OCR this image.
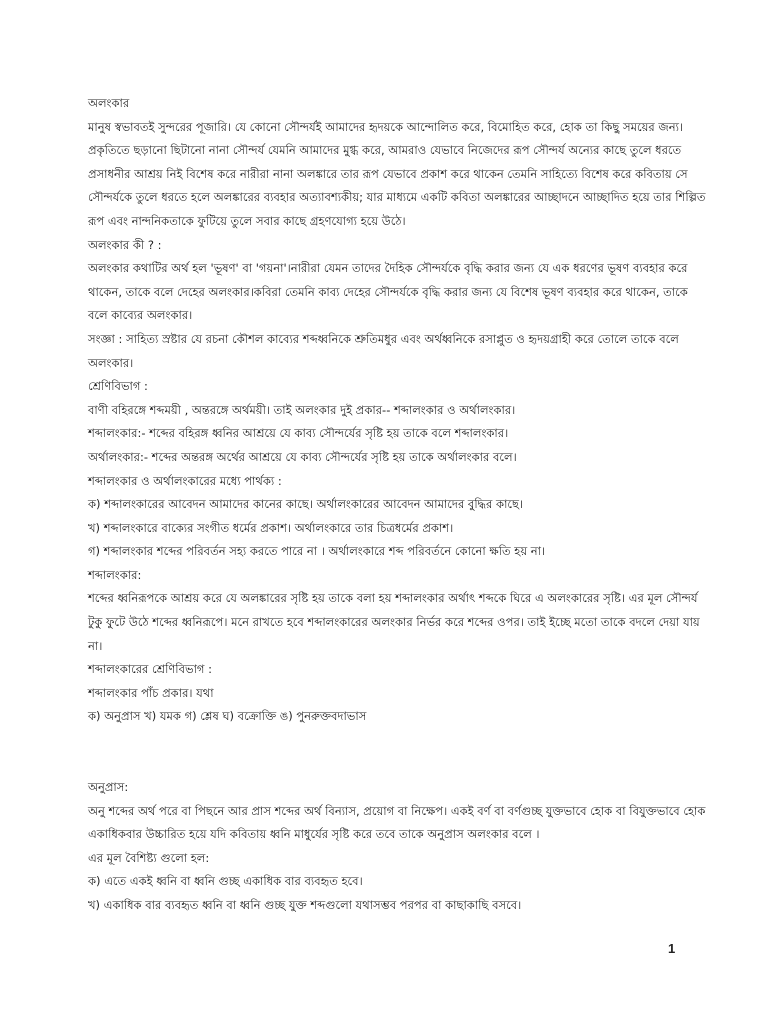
অলংকার

মানুষ স্বভাবতই সুন্দরের পূজারি। যে কোনো সৌন্দর্যই আমাদের হৃদয়কে আন্দোলিত করে, বিমোহিত করে, হোক তা কিছু সময়ের জন্য। প্রকৃতিতে ছড়ানো ছিটানো নানা সৌন্দর্য যেমনি আমাদের মুগ্ধ করে, আমরাও যেভাবে নিজেদের রূপ সৌন্দর্য অন্যের কাছে তুলে ধরতে প্রসাধনীর আশ্রয় নিই বিশেষ করে নারীরা নানা অলঙ্কারে তার রূপ যেভাবে প্রকাশ করে থাকেন তেমনি সাহিত্যে বিশেষ করে কবিতায় সে সৌন্দর্যকে তুলে ধরতে হলে অলঙ্কারের ব্যবহার অত্যাবশ্যকীয়; যার মাধ্যমে একটি কবিতা অলঙ্কারের আচ্ছাদনে আচ্ছাদিত হয়ে তার শিল্পিত রূপ এবং নান্দনিকতাকে ফুটিয়ে তুলে সবার কাছে গ্রহণযোগ্য হয়ে উঠে।

অলংকার কী ? :

অলংকার কথাটির অর্থ হল 'ভূষণ' বা 'গয়না'।নারীরা যেমন তাদের দৈহিক সৌন্দর্যকে বৃদ্ধি করার জন্য যে এক ধরণের ভূষণ ব্যবহার করে থাকেন, তাকে বলে দেহের অলংকার।কবিরা তেমনি কাব্য দেহের সৌন্দর্যকে বৃদ্ধি করার জন্য যে বিশেষ ভূষণ ব্যবহার করে থাকেন, তাকে বলে কাব্যের অলংকার।

সংজ্ঞা : সাহিত্য স্রষ্টার যে রচনা কৌশল কাব্যের শব্দধ্বনিকে শ্রুতিমধুর এবং অর্থধ্বনিকে রসাপ্লুত ও হৃদয়গ্রাহী করে তোলে তাকে বলে অলংকার।

শ্রেণিবিভাগ :

বাণী বহিরঙ্গে শব্দময়ী , অন্তরঙ্গে অর্থময়ী। তাই অলংকার দুই প্রকার-- শব্দালংকার ও অর্থালংকার।

শব্দালংকার:- শব্দের বহিরঙ্গ ধ্বনির আশ্রয়ে যে কাব্য সৌন্দর্যের সৃষ্টি হয় তাকে বলে শব্দালংকার।

অর্থালংকার:- শব্দের অন্তরঙ্গ অর্থের আশ্রয়ে যে কাব্য সৌন্দর্যের সৃষ্টি হয় তাকে অর্থালংকার বলে।

শব্দালংকার ও অর্থালংকারের মধ্যে পার্থক্য :

ক) শব্দালংকারের আবেদন আমাদের কানের কাছে। অর্থালংকারের আবেদন আমাদের বুদ্ধির কাছে।

খ) শব্দালংকারে বাক্যের সংগীত ধর্মের প্রকাশ। অর্থালংকারে তার চিত্রধর্মের প্রকাশ।

গ) শব্দালংকার শব্দের পরিবর্তন সহ্য করতে পারে না । অর্থালংকারে শব্দ পরিবর্তনে কোনো ক্ষতি হয় না।

শব্দালংকার:

শব্দের ধ্বনিরূপকে আশ্রয় করে যে অলঙ্কারের সৃষ্টি হয় তাকে বলা হয় শব্দালংকার অর্থাৎ শব্দকে ঘিরে এ অলংকারের সৃষ্টি। এর মূল সৌন্দর্য টুকু ফুটে উঠে শব্দের ধ্বনিরূপে। মনে রাখতে হবে শব্দালংকারের অলংকার নির্ভর করে শব্দের ওপর। তাই ইচ্ছে মতো তাকে বদলে দেয়া যায় না।

শব্দালংকারের শ্রেণিবিভাগ :

শব্দালংকার পাঁচ প্রকার। যথা

ক) অনুপ্রাস খ) যমক গ) শ্লেষ ঘ) বক্রোক্তি ঙ) পুনরুক্তবদাভাস

অনুপ্রাস:

অনু শব্দের অর্থ পরে বা পিছনে আর প্রাস শব্দের অর্থ বিন্যাস, প্রয়োগ বা নিক্ষেপ। একই বর্ণ বা বর্ণগুচ্ছ যুক্তভাবে হোক বা বিযুক্তভাবে হোক একাধিকবার উচ্চারিত হয়ে যদি কবিতায় ধ্বনি মাধুর্যের সৃষ্টি করে তবে তাকে অনুপ্রাস অলংকার বলে ।

এর মূল বৈশিষ্ট্য গুলো হল:

ক) এতে একই ধ্বনি বা ধ্বনি গুচ্ছ একাধিক বার ব্যবহৃত হবে।

খ) একাধিক বার ব্যবহৃত ধ্বনি বা ধ্বনি গুচ্ছ যুক্ত শব্দগুলো যথাসম্ভব পরপর বা কাছাকাছি বসবে।

1
